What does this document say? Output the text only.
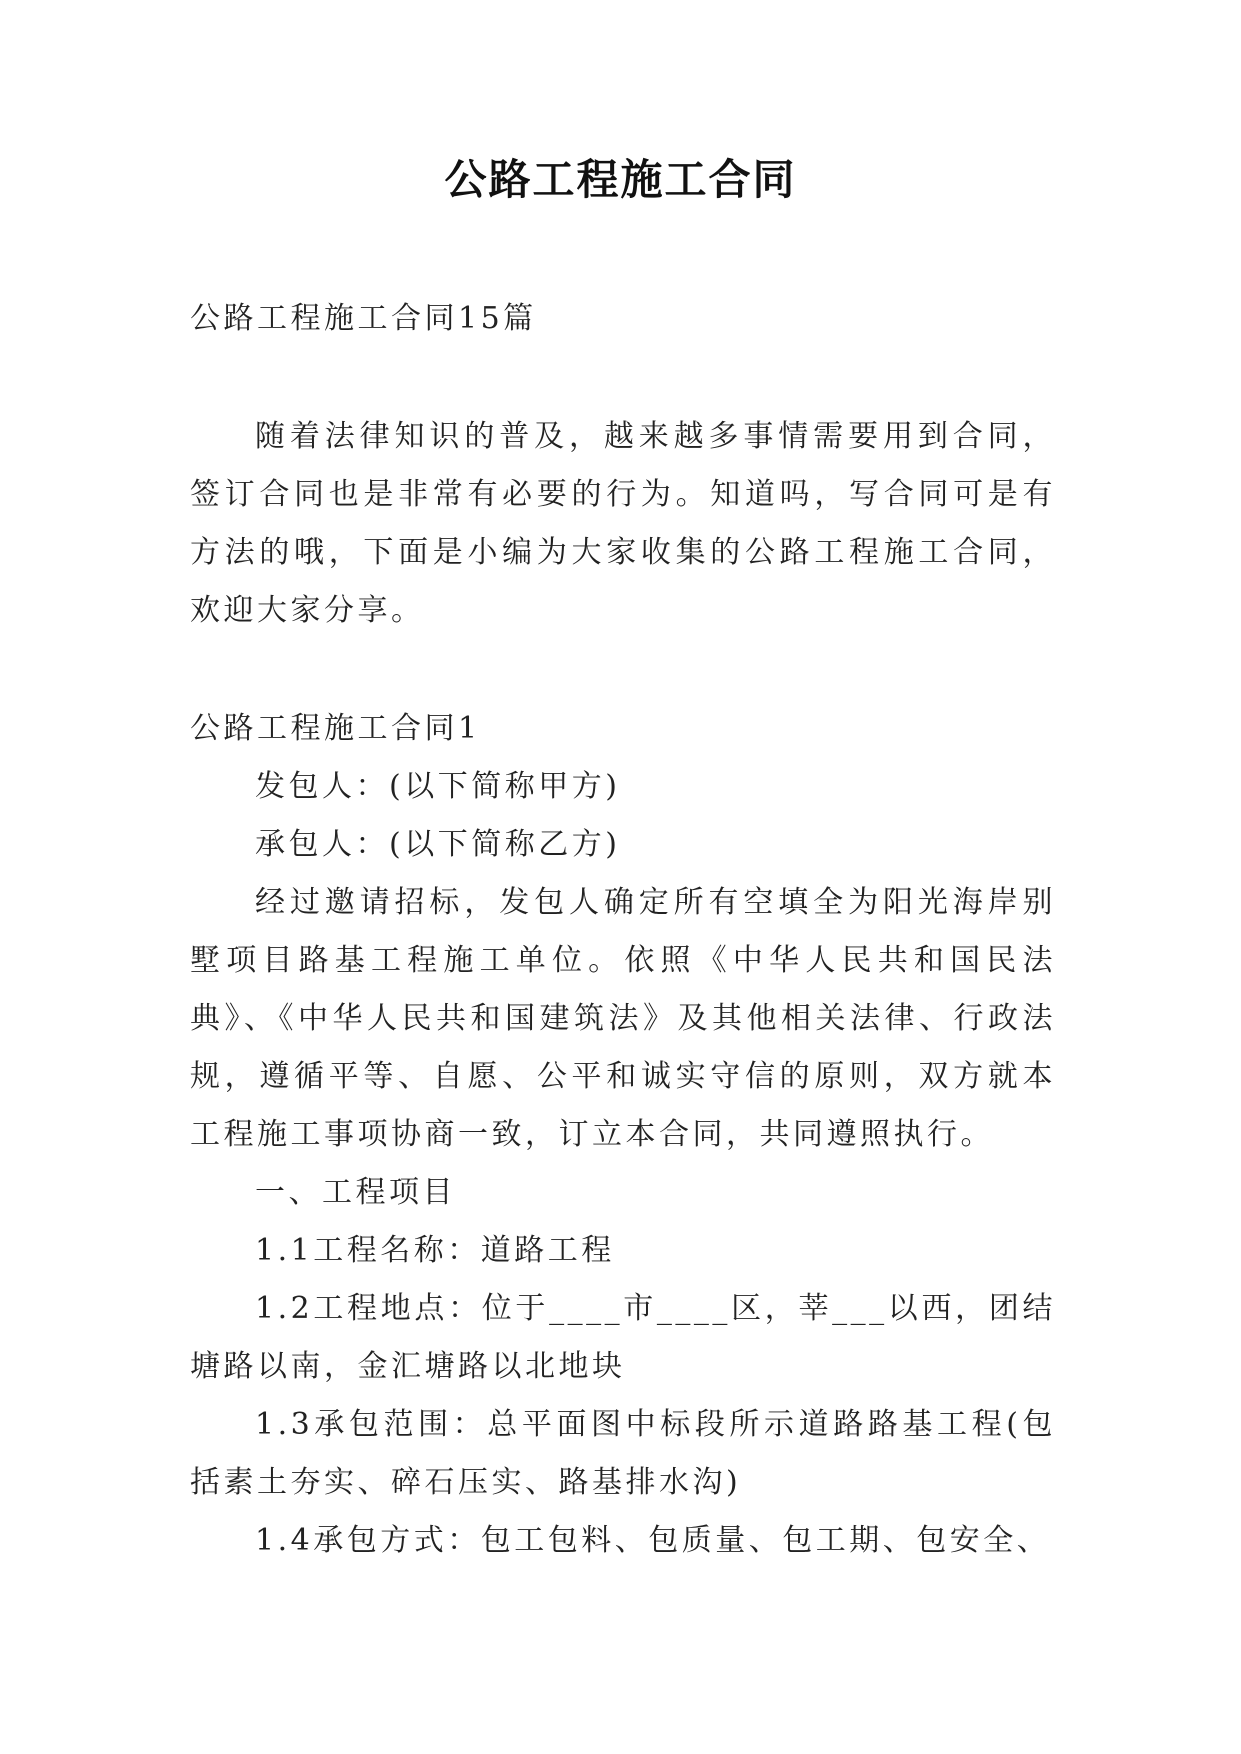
公路工程施工合同

公路工程施工合同15篇

随着法律知识的普及，越来越多事情需要用到合同，签订合同也是非常有必要的行为。知道吗，写合同可是有方法的哦，下面是小编为大家收集的公路工程施工合同，欢迎大家分享。

公路工程施工合同1

发包人：(以下简称甲方)

承包人：(以下简称乙方)

经过邀请招标，发包人确定所有空填全为阳光海岸别墅项目路基工程施工单位。依照《中华人民共和国民法典》、《中华人民共和国建筑法》及其他相关法律、行政法规，遵循平等、自愿、公平和诚实守信的原则，双方就本工程施工事项协商一致，订立本合同，共同遵照执行。

一、工程项目

1.1工程名称：道路工程

1.2工程地点：位于____市____区，莘___以西，团结塘路以南，金汇塘路以北地块

1.3承包范围：总平面图中标段所示道路路基工程(包括素土夯实、碎石压实、路基排水沟)

1.4承包方式：包工包料、包质量、包工期、包安全、
